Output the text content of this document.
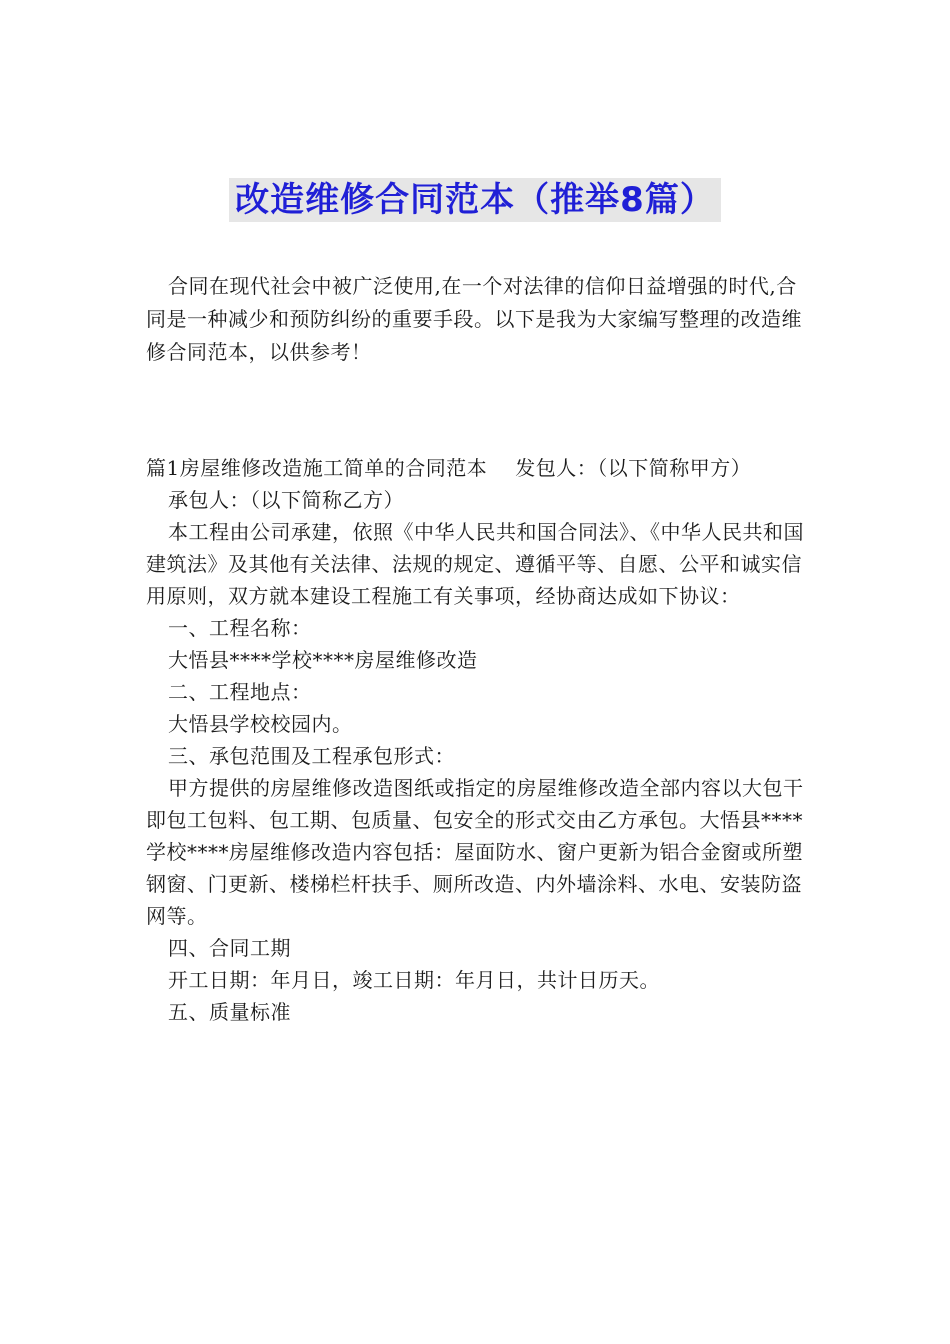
改造维修合同范本（推举8篇）

合同在现代社会中被广泛使用,在一个对法律的信仰日益增强的时代,合同是一种减少和预防纠纷的重要手段。以下是我为大家编写整理的改造维修合同范本，以供参考！

篇1房屋维修改造施工简单的合同范本 发包人：（以下简称甲方）

承包人：（以下简称乙方）

本工程由公司承建，依照《中华人民共和国合同法》、《中华人民共和国建筑法》及其他有关法律、法规的规定、遵循平等、自愿、公平和诚实信用原则，双方就本建设工程施工有关事项，经协商达成如下协议：

一、工程名称：

大悟县****学校****房屋维修改造

二、工程地点：

大悟县学校校园内。

三、承包范围及工程承包形式：

甲方提供的房屋维修改造图纸或指定的房屋维修改造全部内容以大包干即包工包料、包工期、包质量、包安全的形式交由乙方承包。大悟县****学校****房屋维修改造内容包括：屋面防水、窗户更新为铝合金窗或所塑钢窗、门更新、楼梯栏杆扶手、厕所改造、内外墙涂料、水电、安装防盗网等。

四、合同工期

开工日期：年月日，竣工日期：年月日，共计日历天。

五、质量标准
